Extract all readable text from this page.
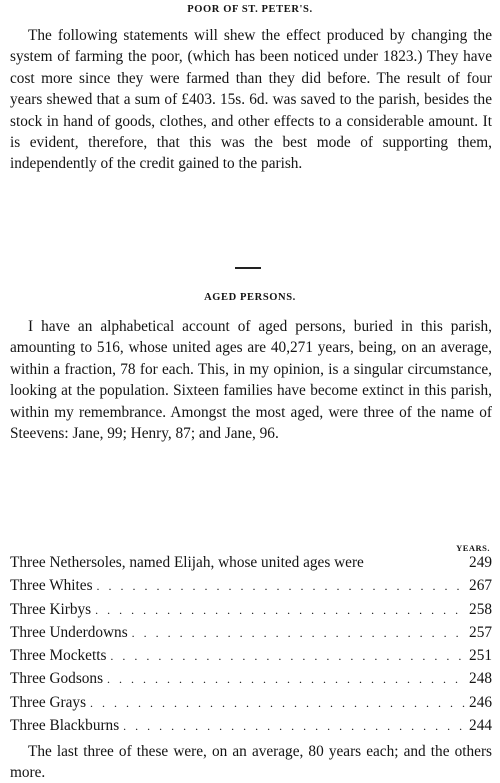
POOR OF ST. PETER'S.

The following statements will shew the effect produced by changing the system of farming the poor, (which has been noticed under 1823.) They have cost more since they were farmed than they did before. The result of four years shewed that a sum of £403. 15s. 6d. was saved to the parish, besides the stock in hand of goods, clothes, and other effects to a considerable amount. It is evident, therefore, that this was the best mode of supporting them, independently of the credit gained to the parish.

AGED PERSONS.

I have an alphabetical account of aged persons, buried in this parish, amounting to 516, whose united ages are 40,271 years, being, on an average, within a fraction, 78 for each. This, in my opinion, is a singular circumstance, looking at the population. Sixteen families have become extinct in this parish, within my remembrance. Amongst the most aged, were three of the name of Steevens: Jane, 99; Henry, 87; and Jane, 96.

YEARS.
Three Nethersoles, named Elijah, whose united ages were	249
Three Whites . . .	267
Three Kirbys . . .	258
Three Underdowns . . .	257
Three Mocketts . . .	251
Three Godsons . . .	248
Three Grays . . .	246
Three Blackburns . . .	244

The last three of these were, on an average, 80 years each; and the others more.
